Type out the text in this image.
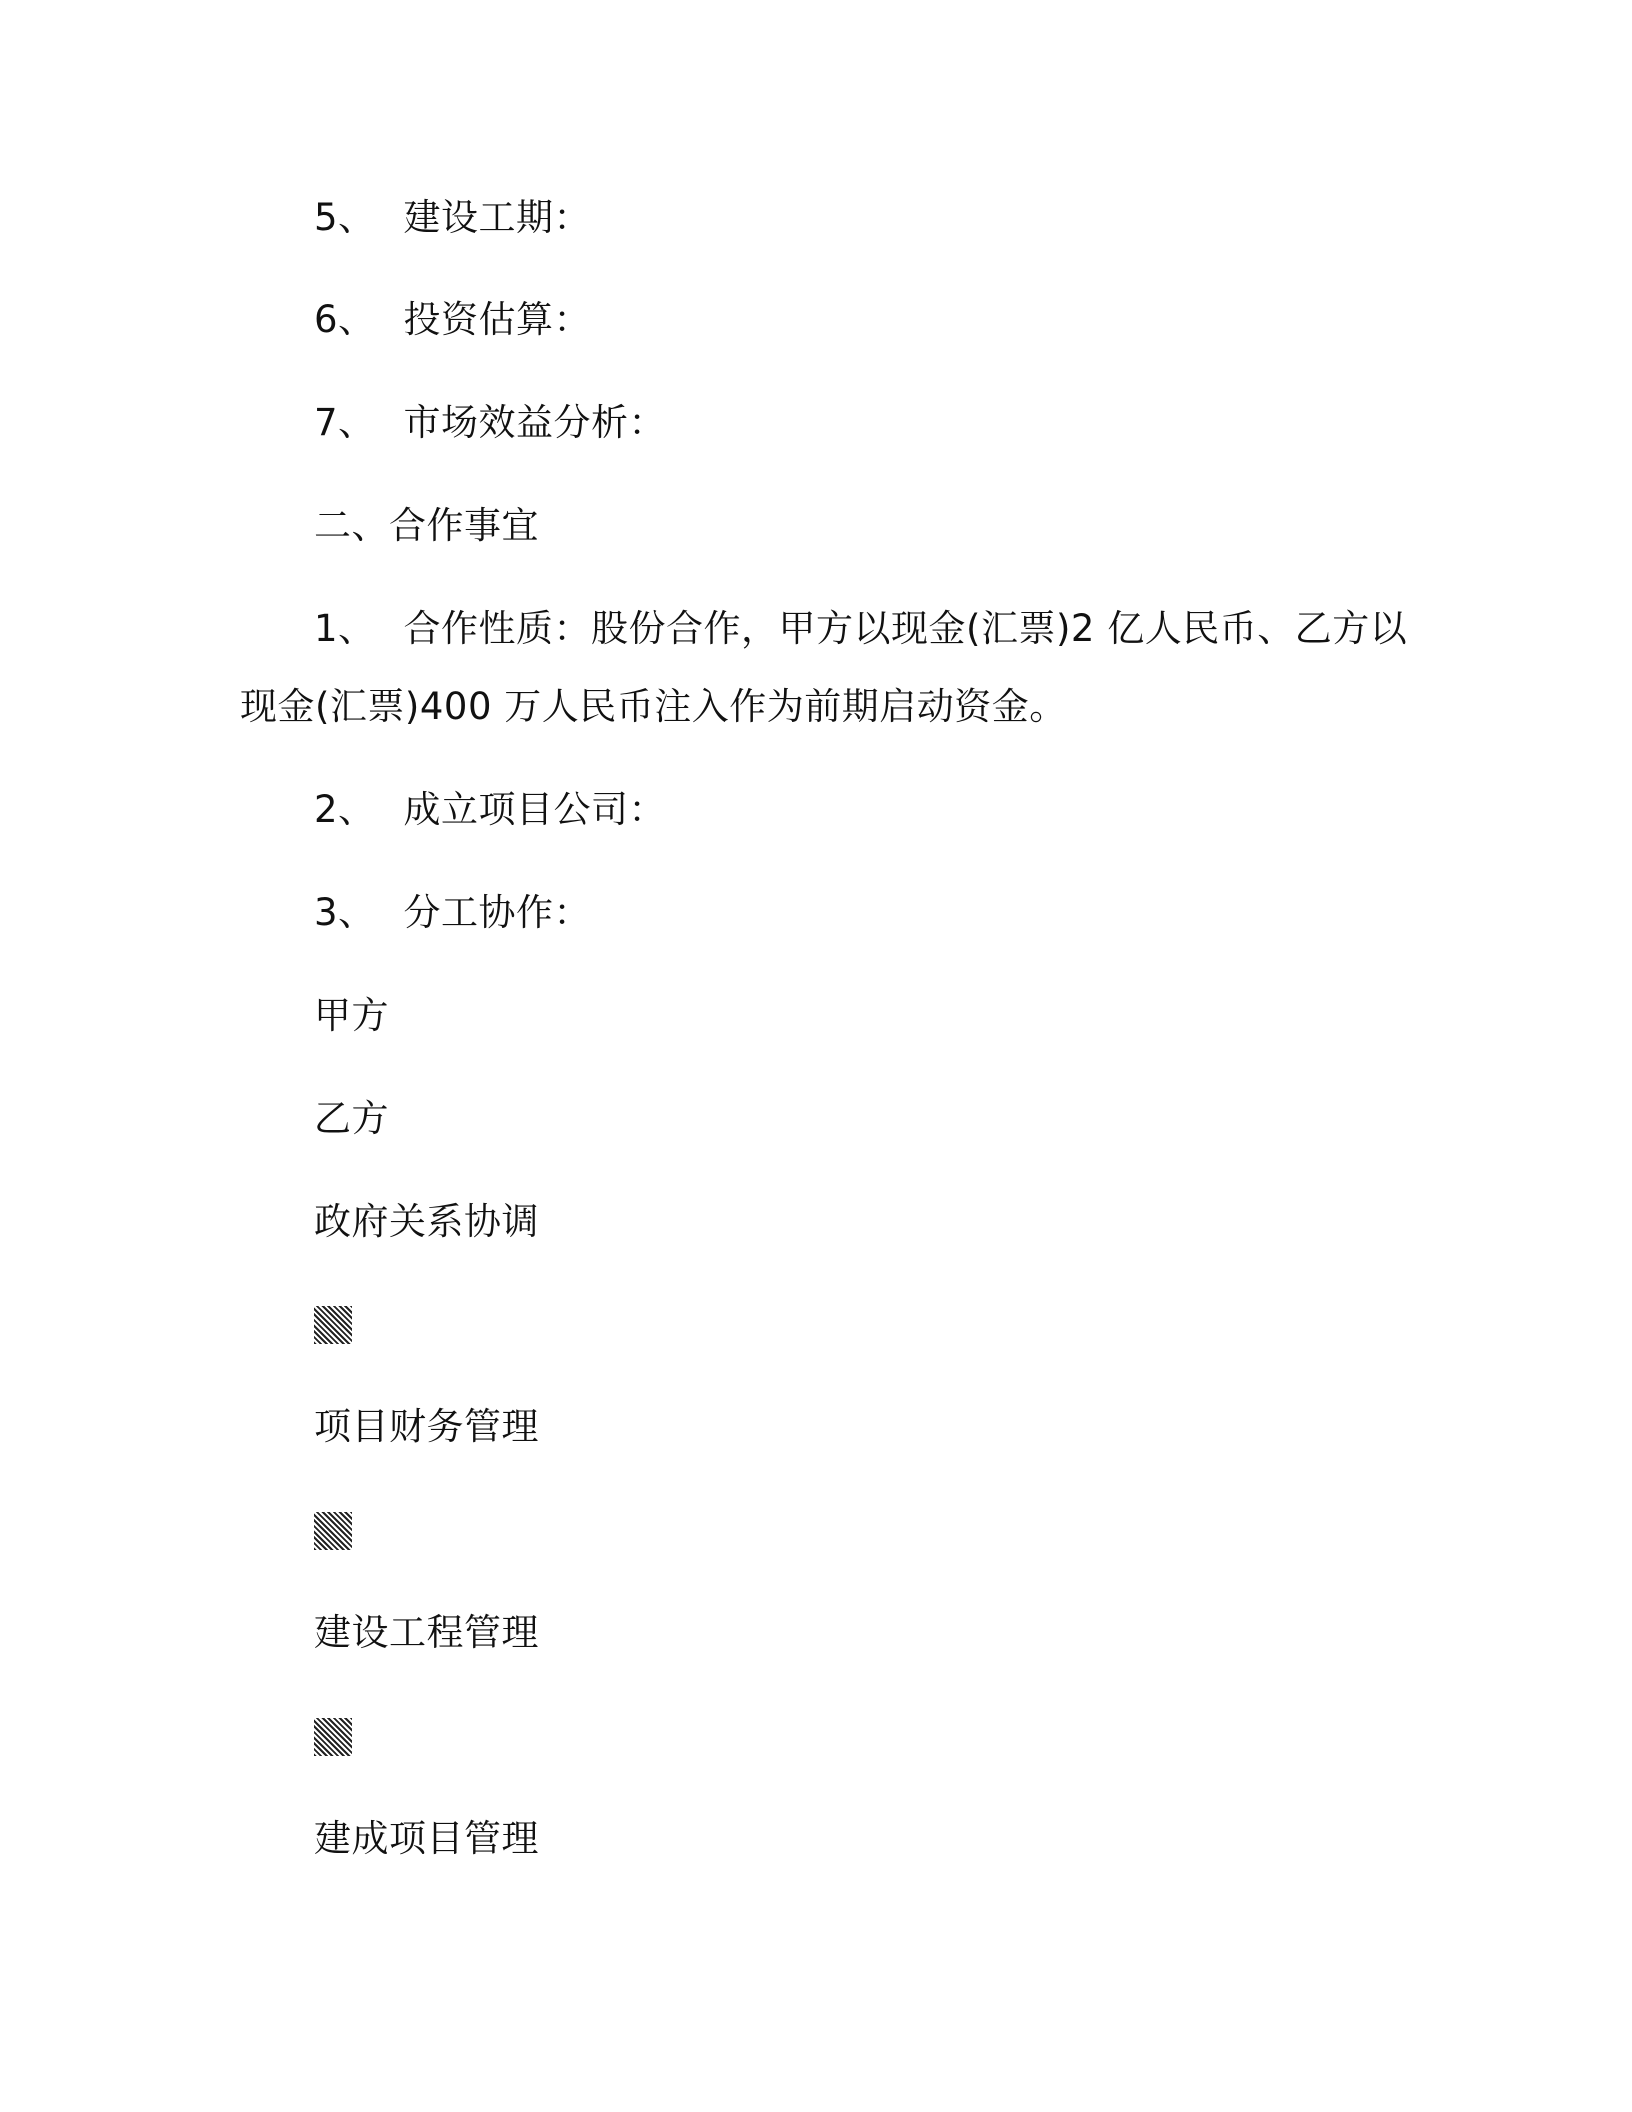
5、 建设工期：
6、 投资估算：
7、 市场效益分析：
二、合作事宜
1、 合作性质：股份合作，甲方以现金(汇票)2 亿人民币、乙方以
现金(汇票)400 万人民币注入作为前期启动资金。
2、 成立项目公司：
3、 分工协作：
甲方
乙方
政府关系协调
项目财务管理
建设工程管理
建成项目管理
